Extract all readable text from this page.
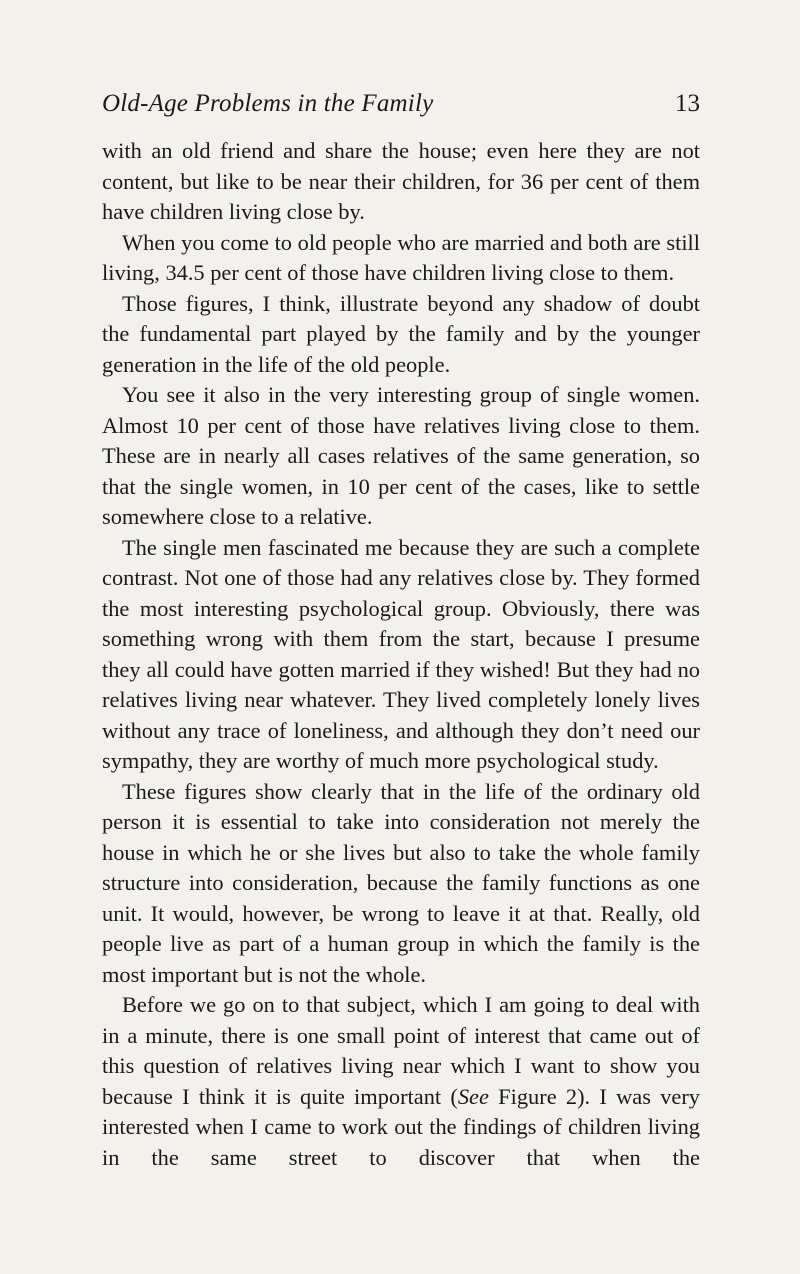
Old-Age Problems in the Family	13

with an old friend and share the house; even here they are not content, but like to be near their children, for 36 per cent of them have children living close by.

When you come to old people who are married and both are still living, 34.5 per cent of those have children living close to them.

Those figures, I think, illustrate beyond any shadow of doubt the fundamental part played by the family and by the younger generation in the life of the old people.

You see it also in the very interesting group of single women. Almost 10 per cent of those have relatives living close to them. These are in nearly all cases relatives of the same generation, so that the single women, in 10 per cent of the cases, like to settle somewhere close to a relative.

The single men fascinated me because they are such a complete contrast. Not one of those had any relatives close by. They formed the most interesting psychological group. Obviously, there was something wrong with them from the start, because I presume they all could have gotten married if they wished! But they had no relatives living near whatever. They lived completely lonely lives without any trace of loneliness, and although they don’t need our sympathy, they are worthy of much more psychological study.

These figures show clearly that in the life of the ordinary old person it is essential to take into consideration not merely the house in which he or she lives but also to take the whole family structure into consideration, because the family functions as one unit. It would, however, be wrong to leave it at that. Really, old people live as part of a human group in which the family is the most important but is not the whole.

Before we go on to that subject, which I am going to deal with in a minute, there is one small point of interest that came out of this question of relatives living near which I want to show you because I think it is quite important (See Figure 2). I was very interested when I came to work out the findings of children living in the same street to discover that when the
